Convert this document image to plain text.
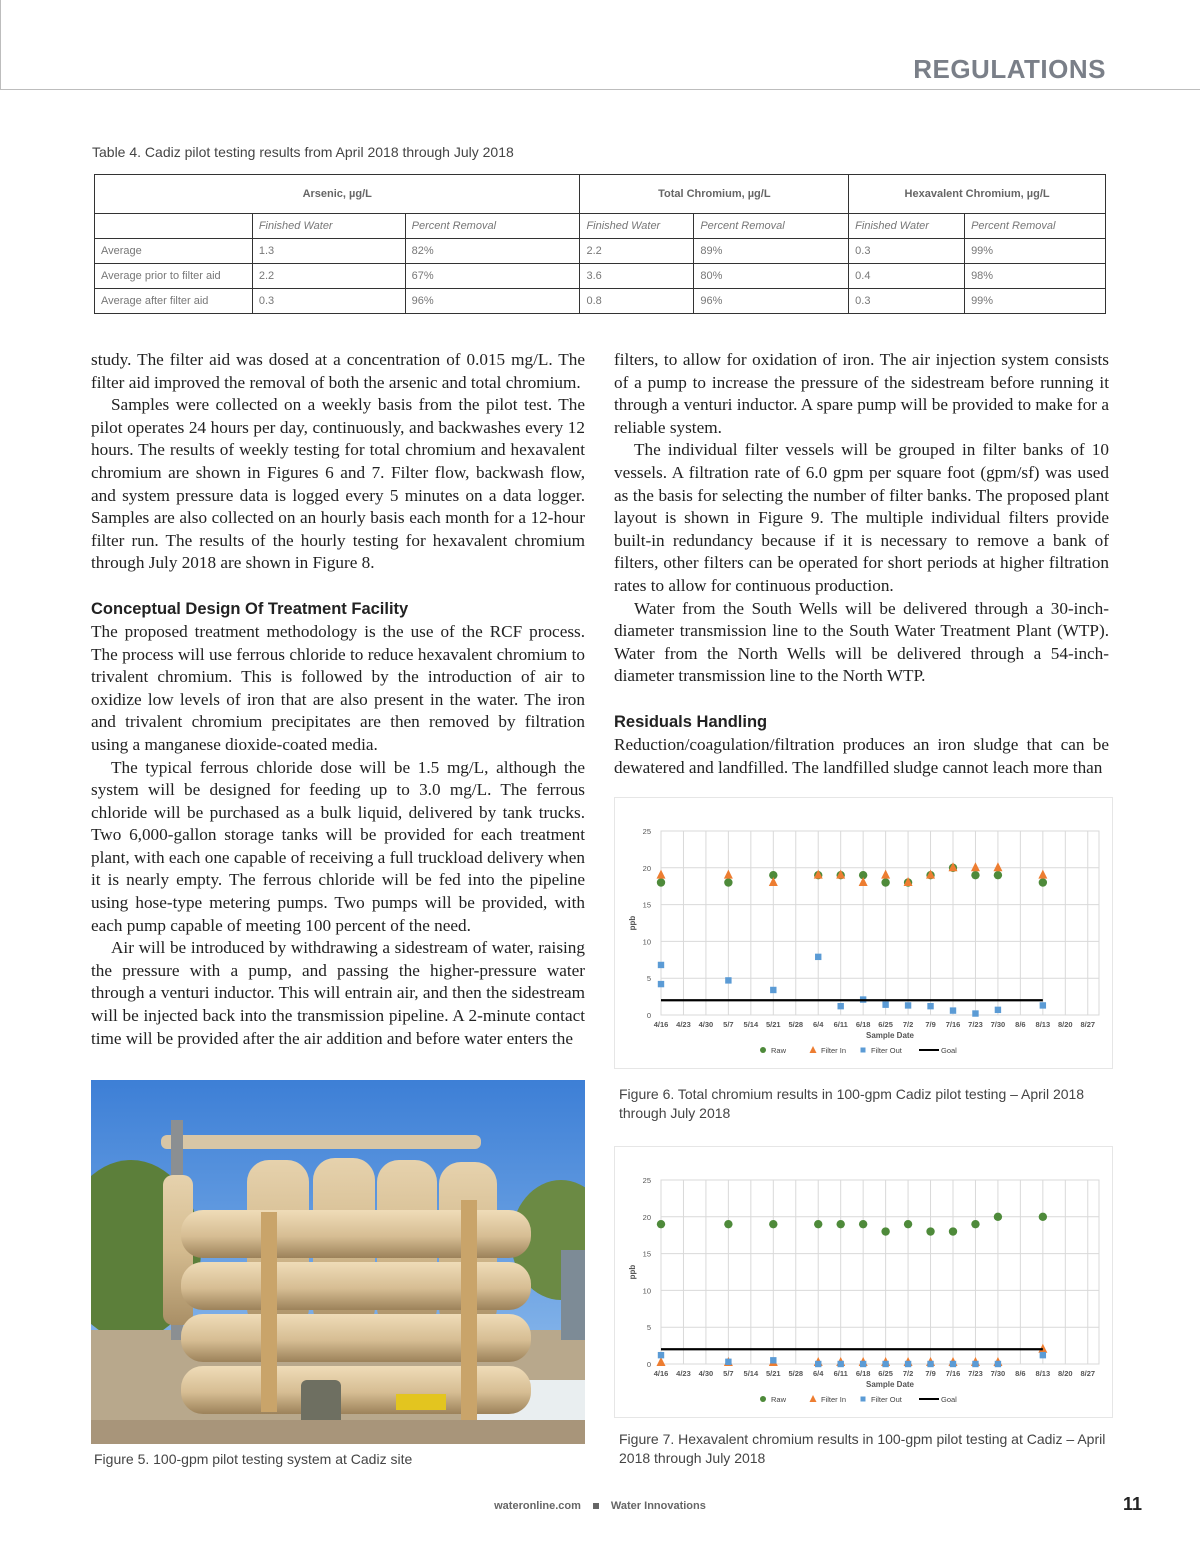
REGULATIONS
Table 4. Cadiz pilot testing results from April 2018 through July 2018
Arsenic, µg/L			Total Chromium, µg/L		Hexavalent Chromium, µg/L	
	Finished Water	Percent Removal	Finished Water	Percent Removal	Finished Water	Percent Removal
Average	1.3	82%	2.2	89%	0.3	99%
Average prior to filter aid	2.2	67%	3.6	80%	0.4	98%
Average after filter aid	0.3	96%	0.8	96%	0.3	99%

study. The filter aid was dosed at a concentration of 0.015 mg/L. The filter aid improved the removal of both the arsenic and total chromium.

Samples were collected on a weekly basis from the pilot test. The pilot operates 24 hours per day, continuously, and backwashes every 12 hours. The results of weekly testing for total chromium and hexavalent chromium are shown in Figures 6 and 7. Filter flow, backwash flow, and system pressure data is logged every 5 minutes on a data logger. Samples are also collected on an hourly basis each month for a 12-hour filter run. The results of the hourly testing for hexavalent chromium through July 2018 are shown in Figure 8.

Conceptual Design Of Treatment Facility

The proposed treatment methodology is the use of the RCF process. The process will use ferrous chloride to reduce hexavalent chromium to trivalent chromium. This is followed by the introduction of air to oxidize low levels of iron that are also present in the water. The iron and trivalent chromium precipitates are then removed by filtration using a manganese dioxide-coated media.

The typical ferrous chloride dose will be 1.5 mg/L, although the system will be designed for feeding up to 3.0 mg/L. The ferrous chloride will be purchased as a bulk liquid, delivered by tank trucks. Two 6,000-gallon storage tanks will be provided for each treatment plant, with each one capable of receiving a full truckload delivery when it is nearly empty. The ferrous chloride will be fed into the pipeline using hose-type metering pumps. Two pumps will be provided, with each pump capable of meeting 100 percent of the need.

Air will be introduced by withdrawing a sidestream of water, raising the pressure with a pump, and passing the higher-pressure water through a venturi inductor. This will entrain air, and then the sidestream will be injected back into the transmission pipeline. A 2-minute contact time will be provided after the air addition and before water enters the

filters, to allow for oxidation of iron. The air injection system consists of a pump to increase the pressure of the sidestream before running it through a venturi inductor. A spare pump will be provided to make for a reliable system.

The individual filter vessels will be grouped in filter banks of 10 vessels. A filtration rate of 6.0 gpm per square foot (gpm/sf) was used as the basis for selecting the number of filter banks. The proposed plant layout is shown in Figure 9. The multiple individual filters provide built-in redundancy because if it is necessary to remove a bank of filters, other filters can be operated for short periods at higher filtration rates to allow for continuous production.

Water from the South Wells will be delivered through a 30-inch-diameter transmission line to the South Water Treatment Plant (WTP). Water from the North Wells will be delivered through a 54-inch-diameter transmission line to the North WTP.

Residuals Handling

Reduction/coagulation/filtration produces an iron sludge that can be dewatered and landfilled. The landfilled sludge cannot leach more than

Figure 5. 100-gpm pilot testing system at Cadiz site
0
5
10
15
20
25
4/16 4/23 4/30 5/7 5/14 5/21 5/28 6/4 6/11 6/18 6/25 7/2 7/9 7/16 7/23 7/30 8/6 8/13 8/20 8/27
ppb
Sample Date
Raw	Filter In	Filter Out	Goal
Figure 6. Total chromium results in 100-gpm Cadiz pilot testing – April 2018 through July 2018
0
5
10
15
20
25
4/16 4/23 4/30 5/7 5/14 5/21 5/28 6/4 6/11 6/18 6/25 7/2 7/9 7/16 7/23 7/30 8/6 8/13 8/20 8/27
ppb
Sample Date
Raw	Filter In	Filter Out	Goal
Figure 7. Hexavalent chromium results in 100-gpm pilot testing at Cadiz – April 2018 through July 2018
wateronline.com	Water Innovations	11
